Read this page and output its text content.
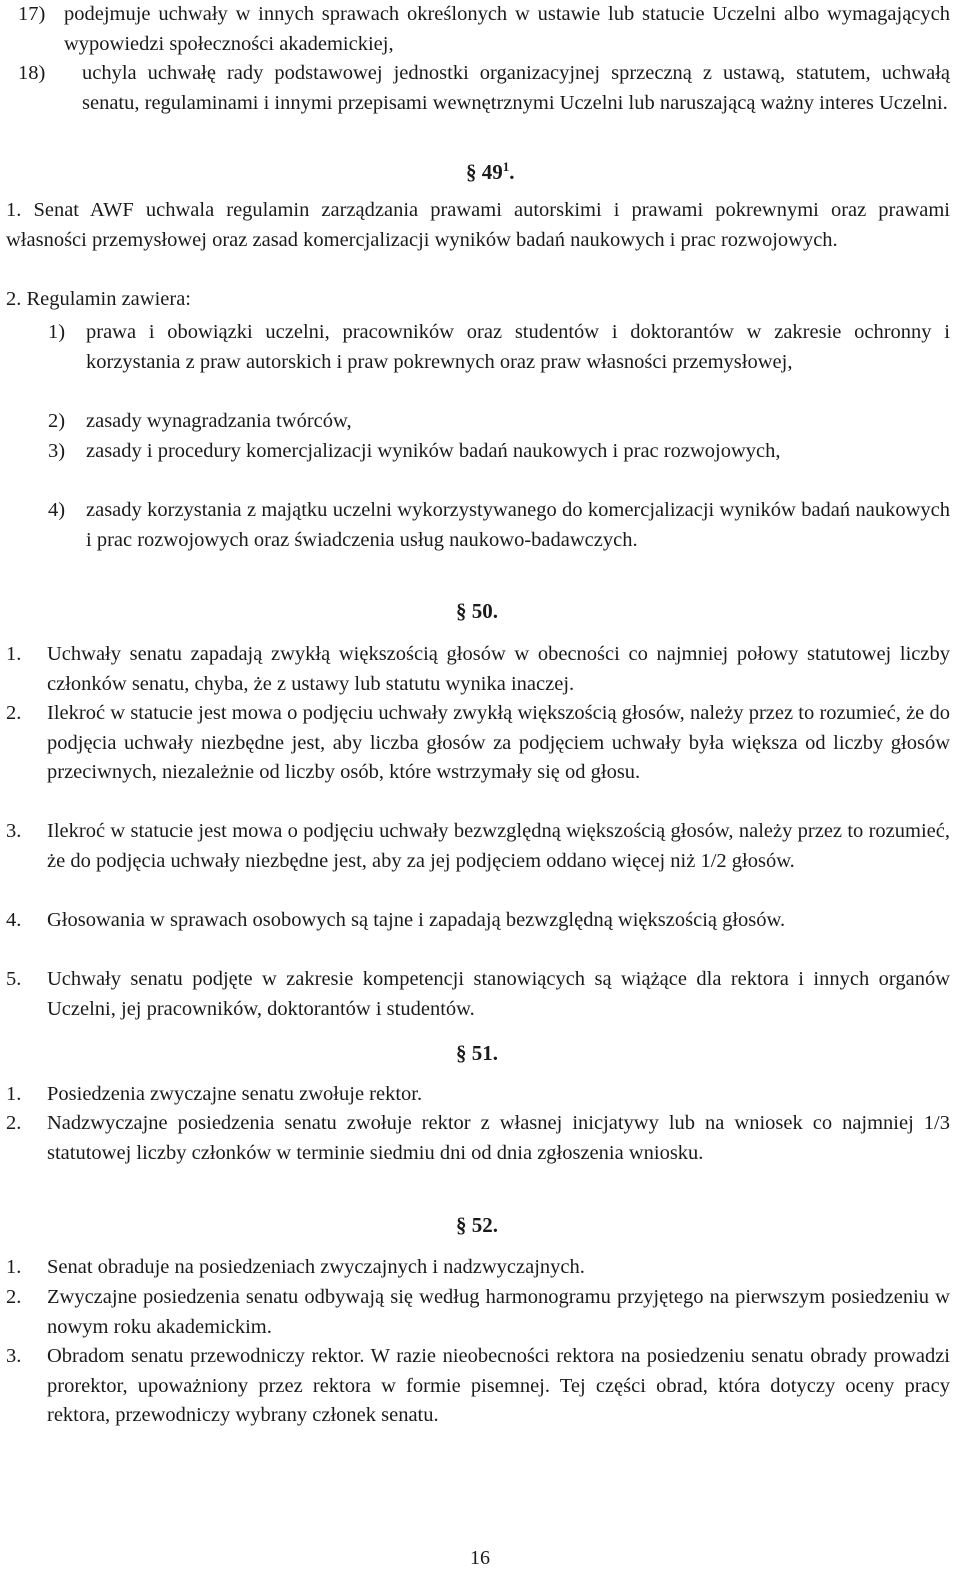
17) podejmuje uchwały w innych sprawach określonych w ustawie lub statucie Uczelni albo wymagających wypowiedzi społeczności akademickiej,
18) uchyla uchwałę rady podstawowej jednostki organizacyjnej sprzeczną z ustawą, statutem, uchwałą senatu, regulaminami i innymi przepisami wewnętrznymi Uczelni lub naruszającą ważny interes Uczelni.
§ $49^1$.
1. Senat AWF uchwala regulamin zarządzania prawami autorskimi i prawami pokrewnymi oraz prawami własności przemysłowej oraz zasad komercjalizacji wyników badań naukowych i prac rozwojowych.
2. Regulamin zawiera:
1) prawa i obowiązki uczelni, pracowników oraz studentów i doktorantów w zakresie ochronny i korzystania z praw autorskich i praw pokrewnych oraz praw własności przemysłowej,
2) zasady wynagradzania twórców,
3) zasady i procedury komercjalizacji wyników badań naukowych i prac rozwojowych,
4) zasady korzystania z majątku uczelni wykorzystywanego do komercjalizacji wyników badań naukowych i prac rozwojowych oraz świadczenia usług naukowo-badawczych.
§ 50.
1. Uchwały senatu zapadają zwykłą większością głosów w obecności co najmniej połowy statutowej liczby członków senatu, chyba, że z ustawy lub statutu wynika inaczej.
2. Ilekroć w statucie jest mowa o podjęciu uchwały zwykłą większością głosów, należy przez to rozumieć, że do podjęcia uchwały niezbędne jest, aby liczba głosów za podjęciem uchwały była większa od liczby głosów przeciwnych, niezależnie od liczby osób, które wstrzymały się od głosu.
3. Ilekroć w statucie jest mowa o podjęciu uchwały bezwzględną większością głosów, należy przez to rozumieć, że do podjęcia uchwały niezbędne jest, aby za jej podjęciem oddano więcej niż 1/2 głosów.
4. Głosowania w sprawach osobowych są tajne i zapadają bezwzględną większością głosów.
5. Uchwały senatu podjęte w zakresie kompetencji stanowiących są wiążące dla rektora i innych organów Uczelni, jej pracowników, doktorantów i studentów.
§ 51.
1. Posiedzenia zwyczajne senatu zwołuje rektor.
2. Nadzwyczajne posiedzenia senatu zwołuje rektor z własnej inicjatywy lub na wniosek co najmniej 1/3 statutowej liczby członków w terminie siedmiu dni od dnia zgłoszenia wniosku.
§ 52.
1. Senat obraduje na posiedzeniach zwyczajnych i nadzwyczajnych.
2. Zwyczajne posiedzenia senatu odbywają się według harmonogramu przyjętego na pierwszym posiedzeniu w nowym roku akademickim.
3. Obradom senatu przewodniczy rektor. W razie nieobecności rektora na posiedzeniu senatu obrady prowadzi prorektor, upoważniony przez rektora w formie pisemnej. Tej części obrad, która dotyczy oceny pracy rektora, przewodniczy wybrany członek senatu.
16
